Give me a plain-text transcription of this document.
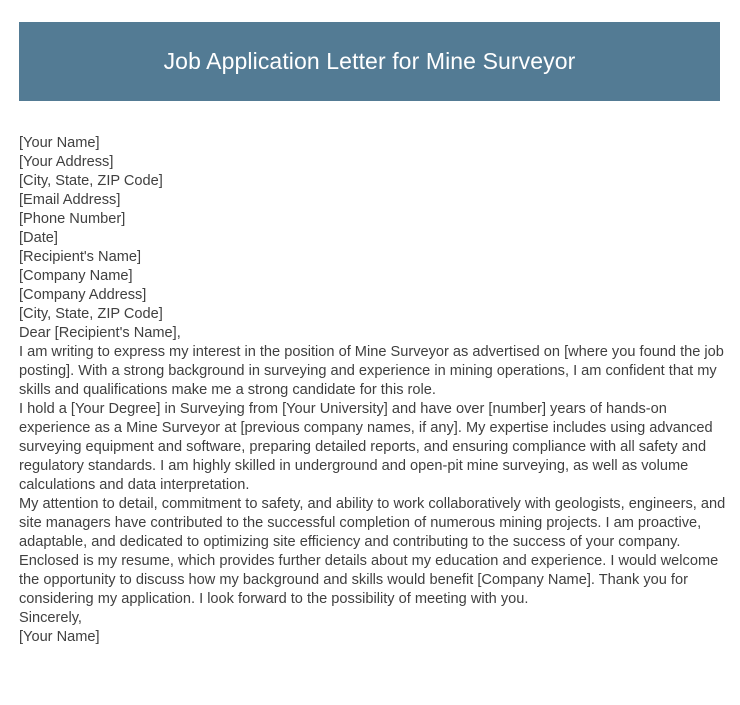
Job Application Letter for Mine Surveyor
[Your Name]
[Your Address]
[City, State, ZIP Code]
[Email Address]
[Phone Number]
[Date]
[Recipient's Name]
[Company Name]
[Company Address]
[City, State, ZIP Code]
Dear [Recipient's Name],

I am writing to express my interest in the position of Mine Surveyor as advertised on [where you found the job posting]. With a strong background in surveying and experience in mining operations, I am confident that my skills and qualifications make me a strong candidate for this role.

I hold a [Your Degree] in Surveying from [Your University] and have over [number] years of hands-on experience as a Mine Surveyor at [previous company names, if any]. My expertise includes using advanced surveying equipment and software, preparing detailed reports, and ensuring compliance with all safety and regulatory standards. I am highly skilled in underground and open-pit mine surveying, as well as volume calculations and data interpretation.

My attention to detail, commitment to safety, and ability to work collaboratively with geologists, engineers, and site managers have contributed to the successful completion of numerous mining projects. I am proactive, adaptable, and dedicated to optimizing site efficiency and contributing to the success of your company.

Enclosed is my resume, which provides further details about my education and experience. I would welcome the opportunity to discuss how my background and skills would benefit [Company Name]. Thank you for considering my application. I look forward to the possibility of meeting with you.

Sincerely,
[Your Name]
